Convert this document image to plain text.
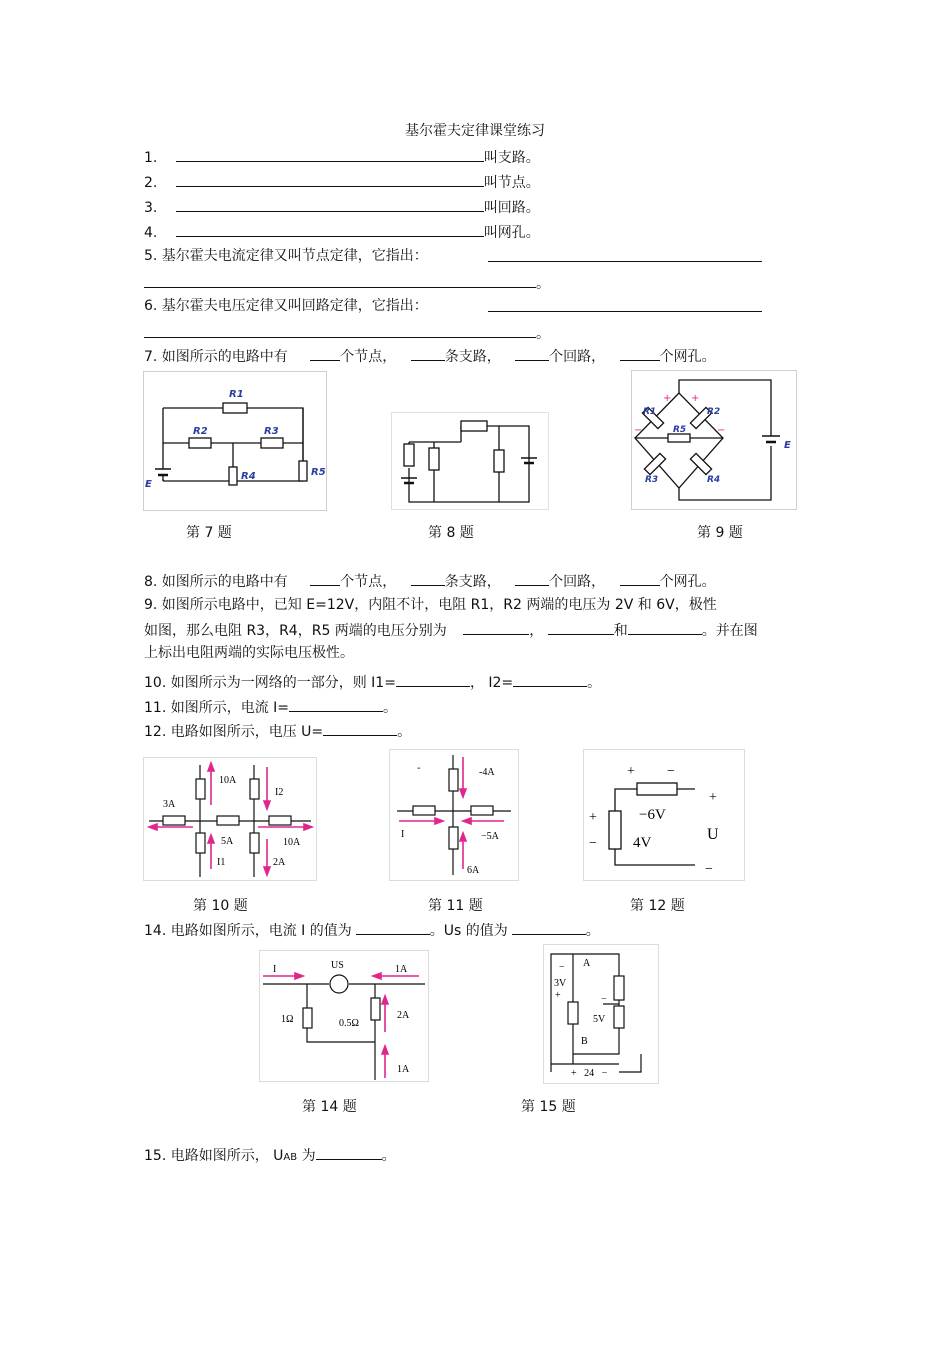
基尔霍夫定律课堂练习
1.	叫支路。
2.	叫节点。
3.	叫回路。
4.	叫网孔。
5. 基尔霍夫电流定律又叫节点定律，它指出：
。
6. 基尔霍夫电压定律又叫回路定律，它指出：
。
7. 如图所示的电路中有	个节点，	条支路，	个回路，	个网孔。
R1
R2	R3
R4	R5
E
R1	R2
R5
R3	R4
E
+ +
−	−
第 7 题	第 8 题	第 9 题
8. 如图所示的电路中有	个节点，	条支路，	个回路，	个网孔。
9. 如图所示电路中，已知 E=12V，内阻不计，电阻 R1，R2 两端的电压为 2V 和 6V，极性
如图，那么电阻 R3，R4，R5 两端的电压分别为	，	和	。并在图
上标出电阻两端的实际电压极性。
10. 如图所示为一网络的一部分，则 I1=	， I2=	。
11. 如图所示，电流 I=	。
12. 电路如图所示，电压 U=	。
10A
I2
3A
5A	10A
I1	2A
-	-4A
I	−5A
6A
+ −
−6V
+
U
+
− 4V
−
第 10 题	第 11 题	第 12 题
14. 电路如图所示，电流 I 的值为	。Us 的值为	。
I	US	1A
1Ω	0.5Ω
2A
1A
A
3V
+
−
−
5V
B
+   24   −
第 14 题	第 15 题
15. 电路如图所示， UAB 为	。
